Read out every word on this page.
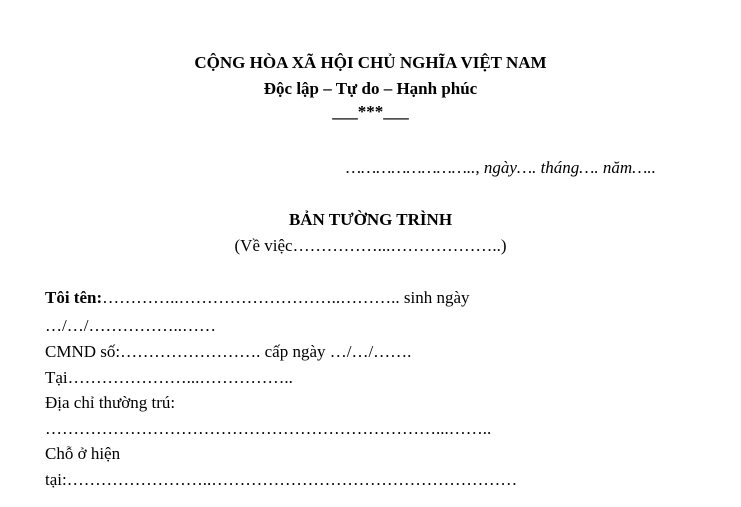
CỘNG HÒA XÃ HỘI CHỦ NGHĨA VIỆT NAM
Độc lập – Tự do – Hạnh phúc
___***___
…………………….., ngày…. tháng…. năm…..
BẢN TƯỜNG TRÌNH
(Về việc……………...………………..)
Tôi tên:…………..………………………..……….. sinh ngày
…/…/……………..……
CMND số:……………………. cấp ngày …/…/…….
Tại…………………...……………..
Địa chỉ thường trú:
……………………………………………………………...……..
Chỗ ở hiện
tại:……………………..………………………………………………
